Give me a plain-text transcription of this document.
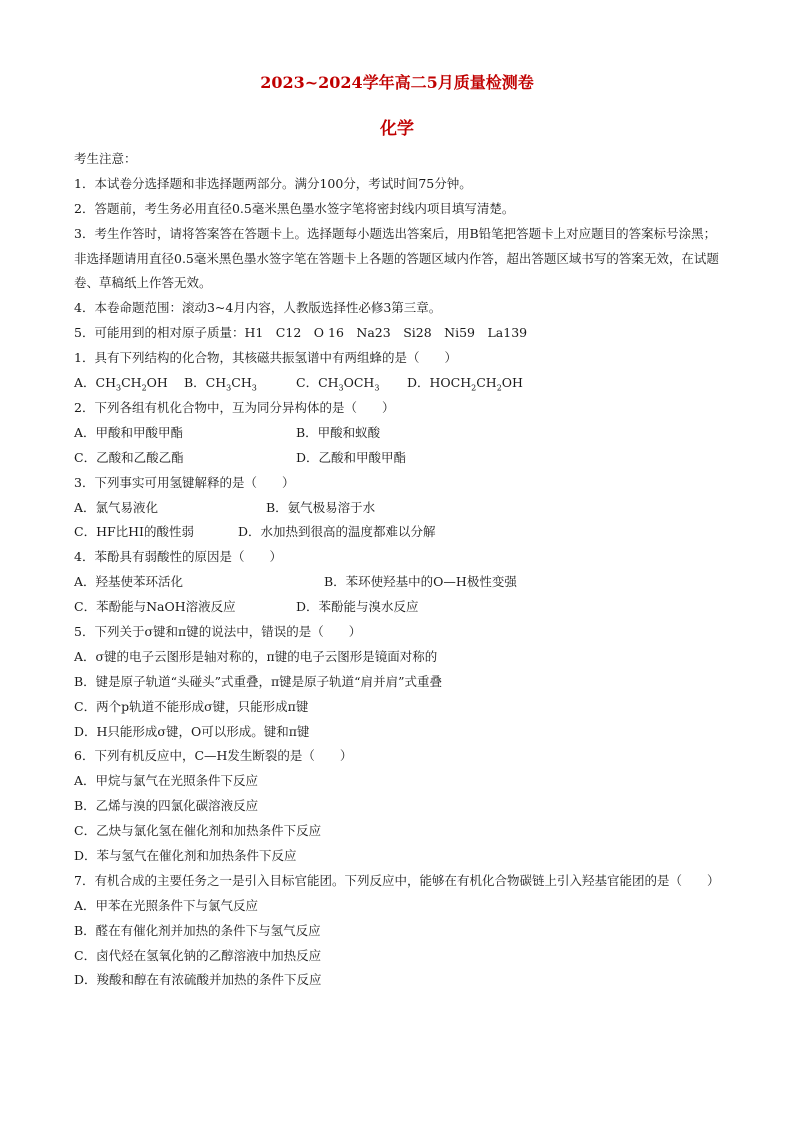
2023~2024学年高二5月质量检测卷
化学
考生注意：
1．本试卷分选择题和非选择题两部分。满分100分，考试时间75分钟。
2．答题前，考生务必用直径0.5毫米黑色墨水签字笔将密封线内项目填写清楚。
3．考生作答时，请将答案答在答题卡上。选择题每小题选出答案后，用B铅笔把答题卡上对应题目的答案标号涂黑；非选择题请用直径0.5毫米黑色墨水签字笔在答题卡上各题的答题区域内作答，超出答题区域书写的答案无效，在试题卷、草稿纸上作答无效。
4．本卷命题范围：滚动3~4月内容，人教版选择性必修3第三章。
5．可能用到的相对原子质量：H1　C12　O 16　Na23　Si28　Ni59　La139
1．具有下列结构的化合物，其核磁共振氢谱中有两组蜂的是（　　）
A．$CH_3CH_2OH$ B．$CH_3CH_3$	C．$CH_3OCH_3$ D．$HOCH_2CH_2OH$
2．下列各组有机化合物中，互为同分异构体的是（　　）
A．甲酸和甲酸甲酯	B．甲酸和蚁酸
C．乙酸和乙酸乙酯	D．乙酸和甲酸甲酯
3．下列事实可用氢键解释的是（　　）
A．氯气易液化	B．氨气极易溶于水
C．HF比HI的酸性弱	D．水加热到很高的温度都难以分解
4．苯酚具有弱酸性的原因是（　　）
A．羟基使苯环活化	B．苯环使羟基中的O—H极性变强
C．苯酚能与NaOH溶液反应	D．苯酚能与溴水反应
5．下列关于σ键和π键的说法中，错误的是（　　）
A．σ键的电子云图形是轴对称的，π键的电子云图形是镜面对称的
B．键是原子轨道“头碰头”式重叠，π键是原子轨道“肩并肩”式重叠
C．两个p轨道不能形成σ键，只能形成π键
D．H只能形成σ键，O可以形成。键和π键
6．下列有机反应中，C—H发生断裂的是（　　）
A．甲烷与氯气在光照条件下反应
B．乙烯与溴的四氯化碳溶液反应
C．乙炔与氯化氢在催化剂和加热条件下反应
D．苯与氢气在催化剂和加热条件下反应
7．有机合成的主要任务之一是引入目标官能团。下列反应中，能够在有机化合物碳链上引入羟基官能团的是（　　）
A．甲苯在光照条件下与氯气反应
B．醛在有催化剂并加热的条件下与氢气反应
C．卤代烃在氢氧化钠的乙醇溶液中加热反应
D．羧酸和醇在有浓硫酸并加热的条件下反应
